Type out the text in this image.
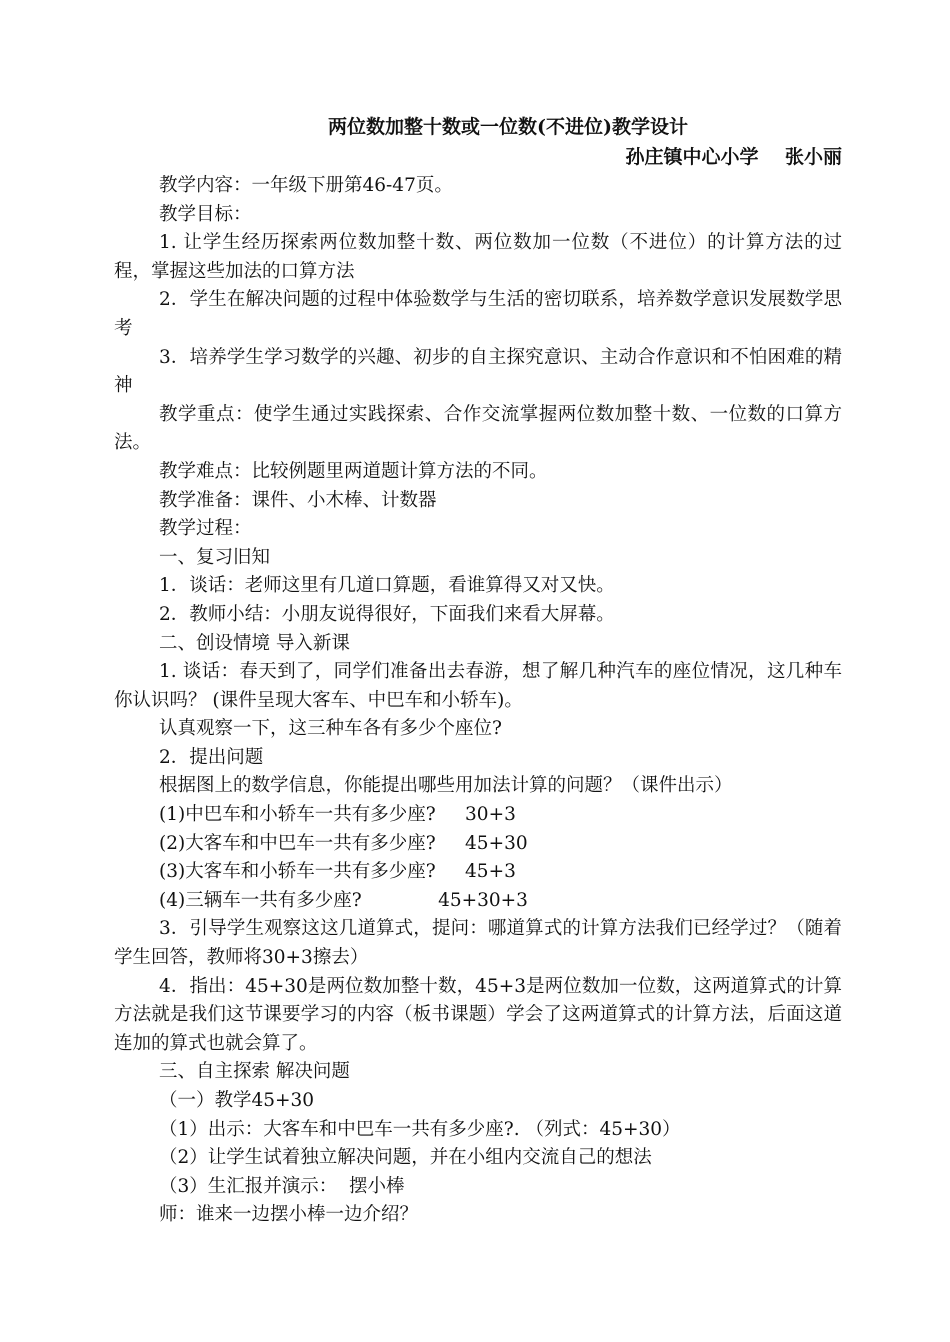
两位数加整十数或一位数(不进位)教学设计
孙庄镇中心小学    张小丽

教学内容：一年级下册第46-47页。

教学目标：

1. 让学生经历探索两位数加整十数、两位数加一位数（不进位）的计算方法的过程，掌握这些加法的口算方法

2．学生在解决问题的过程中体验数学与生活的密切联系，培养数学意识发展数学思考

3．培养学生学习数学的兴趣、初步的自主探究意识、主动合作意识和不怕困难的精神

教学重点：使学生通过实践探索、合作交流掌握两位数加整十数、一位数的口算方法。

教学难点：比较例题里两道题计算方法的不同。

教学准备：课件、小木棒、计数器

教学过程：

一、复习旧知

1．谈话：老师这里有几道口算题，看谁算得又对又快。

2．教师小结：小朋友说得很好，下面我们来看大屏幕。

二、创设情境 导入新课

1. 谈话：春天到了，同学们准备出去春游，想了解几种汽车的座位情况，这几种车你认识吗？ (课件呈现大客车、中巴车和小轿车)。

认真观察一下，这三种车各有多少个座位?

2．提出问题

根据图上的数学信息，你能提出哪些用加法计算的问题？（课件出示）

(1)中巴车和小轿车一共有多少座?     30+3

(2)大客车和中巴车一共有多少座?     45+30

(3)大客车和小轿车一共有多少座?     45+3

(4)三辆车一共有多少座?             45+30+3

3．引导学生观察这这几道算式，提问：哪道算式的计算方法我们已经学过？（随着学生回答，教师将30+3擦去）

4．指出：45+30是两位数加整十数，45+3是两位数加一位数，这两道算式的计算方法就是我们这节课要学习的内容（板书课题）学会了这两道算式的计算方法，后面这道连加的算式也就会算了。

三、自主探索 解决问题

（一）教学45+30

（1）出示：大客车和中巴车一共有多少座?. （列式：45+30）

（2）让学生试着独立解决问题，并在小组内交流自己的想法

（3）生汇报并演示：  摆小棒

师：谁来一边摆小棒一边介绍？
